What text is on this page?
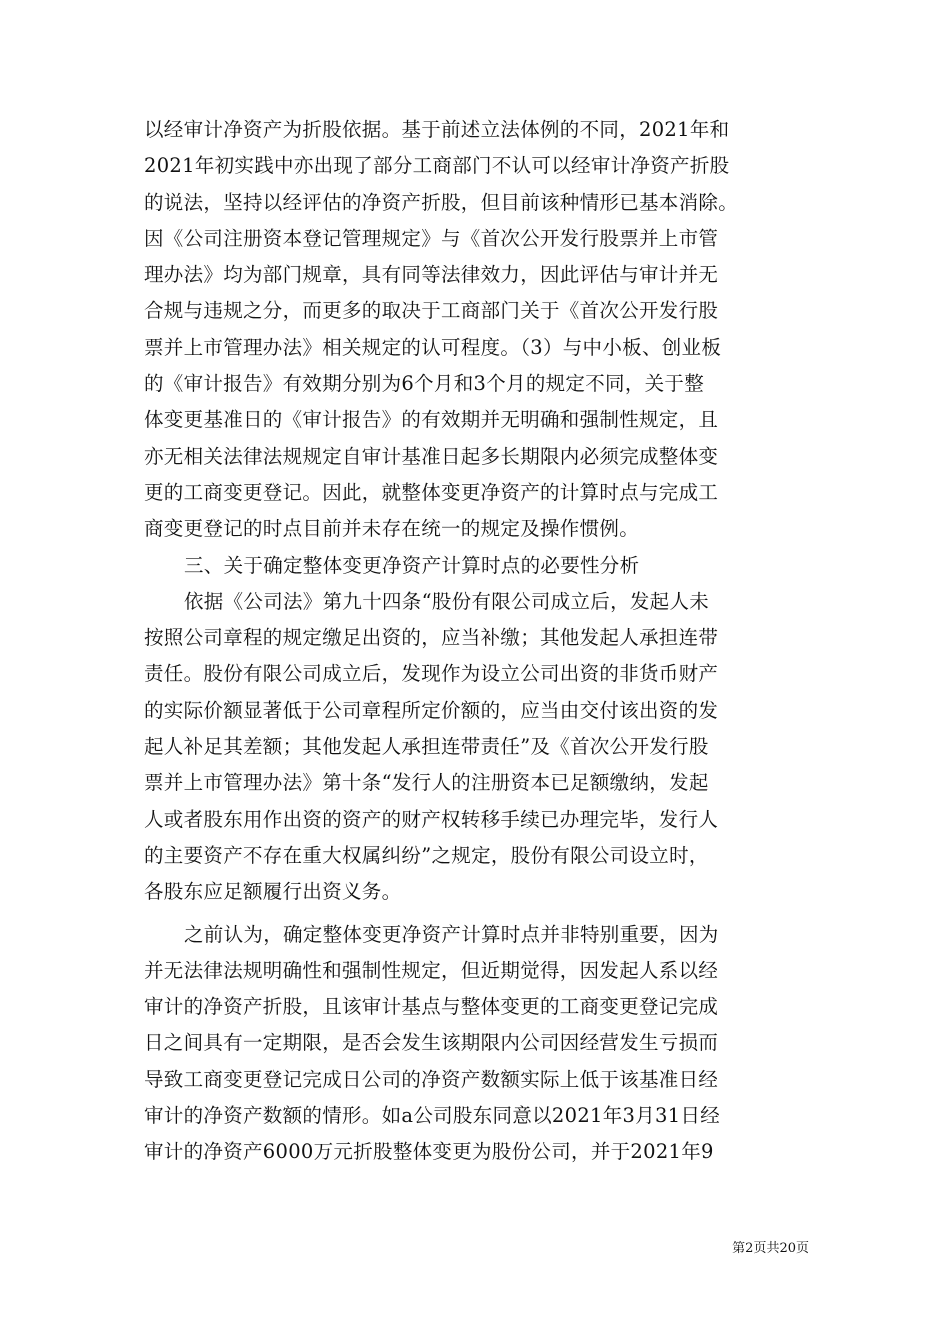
以经审计净资产为折股依据。基于前述立法体例的不同，2021年和
2021年初实践中亦出现了部分工商部门不认可以经审计净资产折股
的说法，坚持以经评估的净资产折股，但目前该种情形已基本消除。
因《公司注册资本登记管理规定》与《首次公开发行股票并上市管
理办法》均为部门规章，具有同等法律效力，因此评估与审计并无
合规与违规之分，而更多的取决于工商部门关于《首次公开发行股
票并上市管理办法》相关规定的认可程度。（3）与中小板、创业板
的《审计报告》有效期分别为6个月和3个月的规定不同，关于整
体变更基准日的《审计报告》的有效期并无明确和强制性规定，且
亦无相关法律法规规定自审计基准日起多长期限内必须完成整体变
更的工商变更登记。因此，就整体变更净资产的计算时点与完成工
商变更登记的时点目前并未存在统一的规定及操作惯例。
三、关于确定整体变更净资产计算时点的必要性分析
依据《公司法》第九十四条“股份有限公司成立后，发起人未
按照公司章程的规定缴足出资的，应当补缴；其他发起人承担连带
责任。股份有限公司成立后，发现作为设立公司出资的非货币财产
的实际价额显著低于公司章程所定价额的，应当由交付该出资的发
起人补足其差额；其他发起人承担连带责任”及《首次公开发行股
票并上市管理办法》第十条“发行人的注册资本已足额缴纳，发起
人或者股东用作出资的资产的财产权转移手续已办理完毕，发行人
的主要资产不存在重大权属纠纷”之规定，股份有限公司设立时，
各股东应足额履行出资义务。
之前认为，确定整体变更净资产计算时点并非特别重要，因为
并无法律法规明确性和强制性规定，但近期觉得，因发起人系以经
审计的净资产折股，且该审计基点与整体变更的工商变更登记完成
日之间具有一定期限，是否会发生该期限内公司因经营发生亏损而
导致工商变更登记完成日公司的净资产数额实际上低于该基准日经
审计的净资产数额的情形。如a公司股东同意以2021年3月31日经
审计的净资产6000万元折股整体变更为股份公司，并于2021年9
第2页共20页
